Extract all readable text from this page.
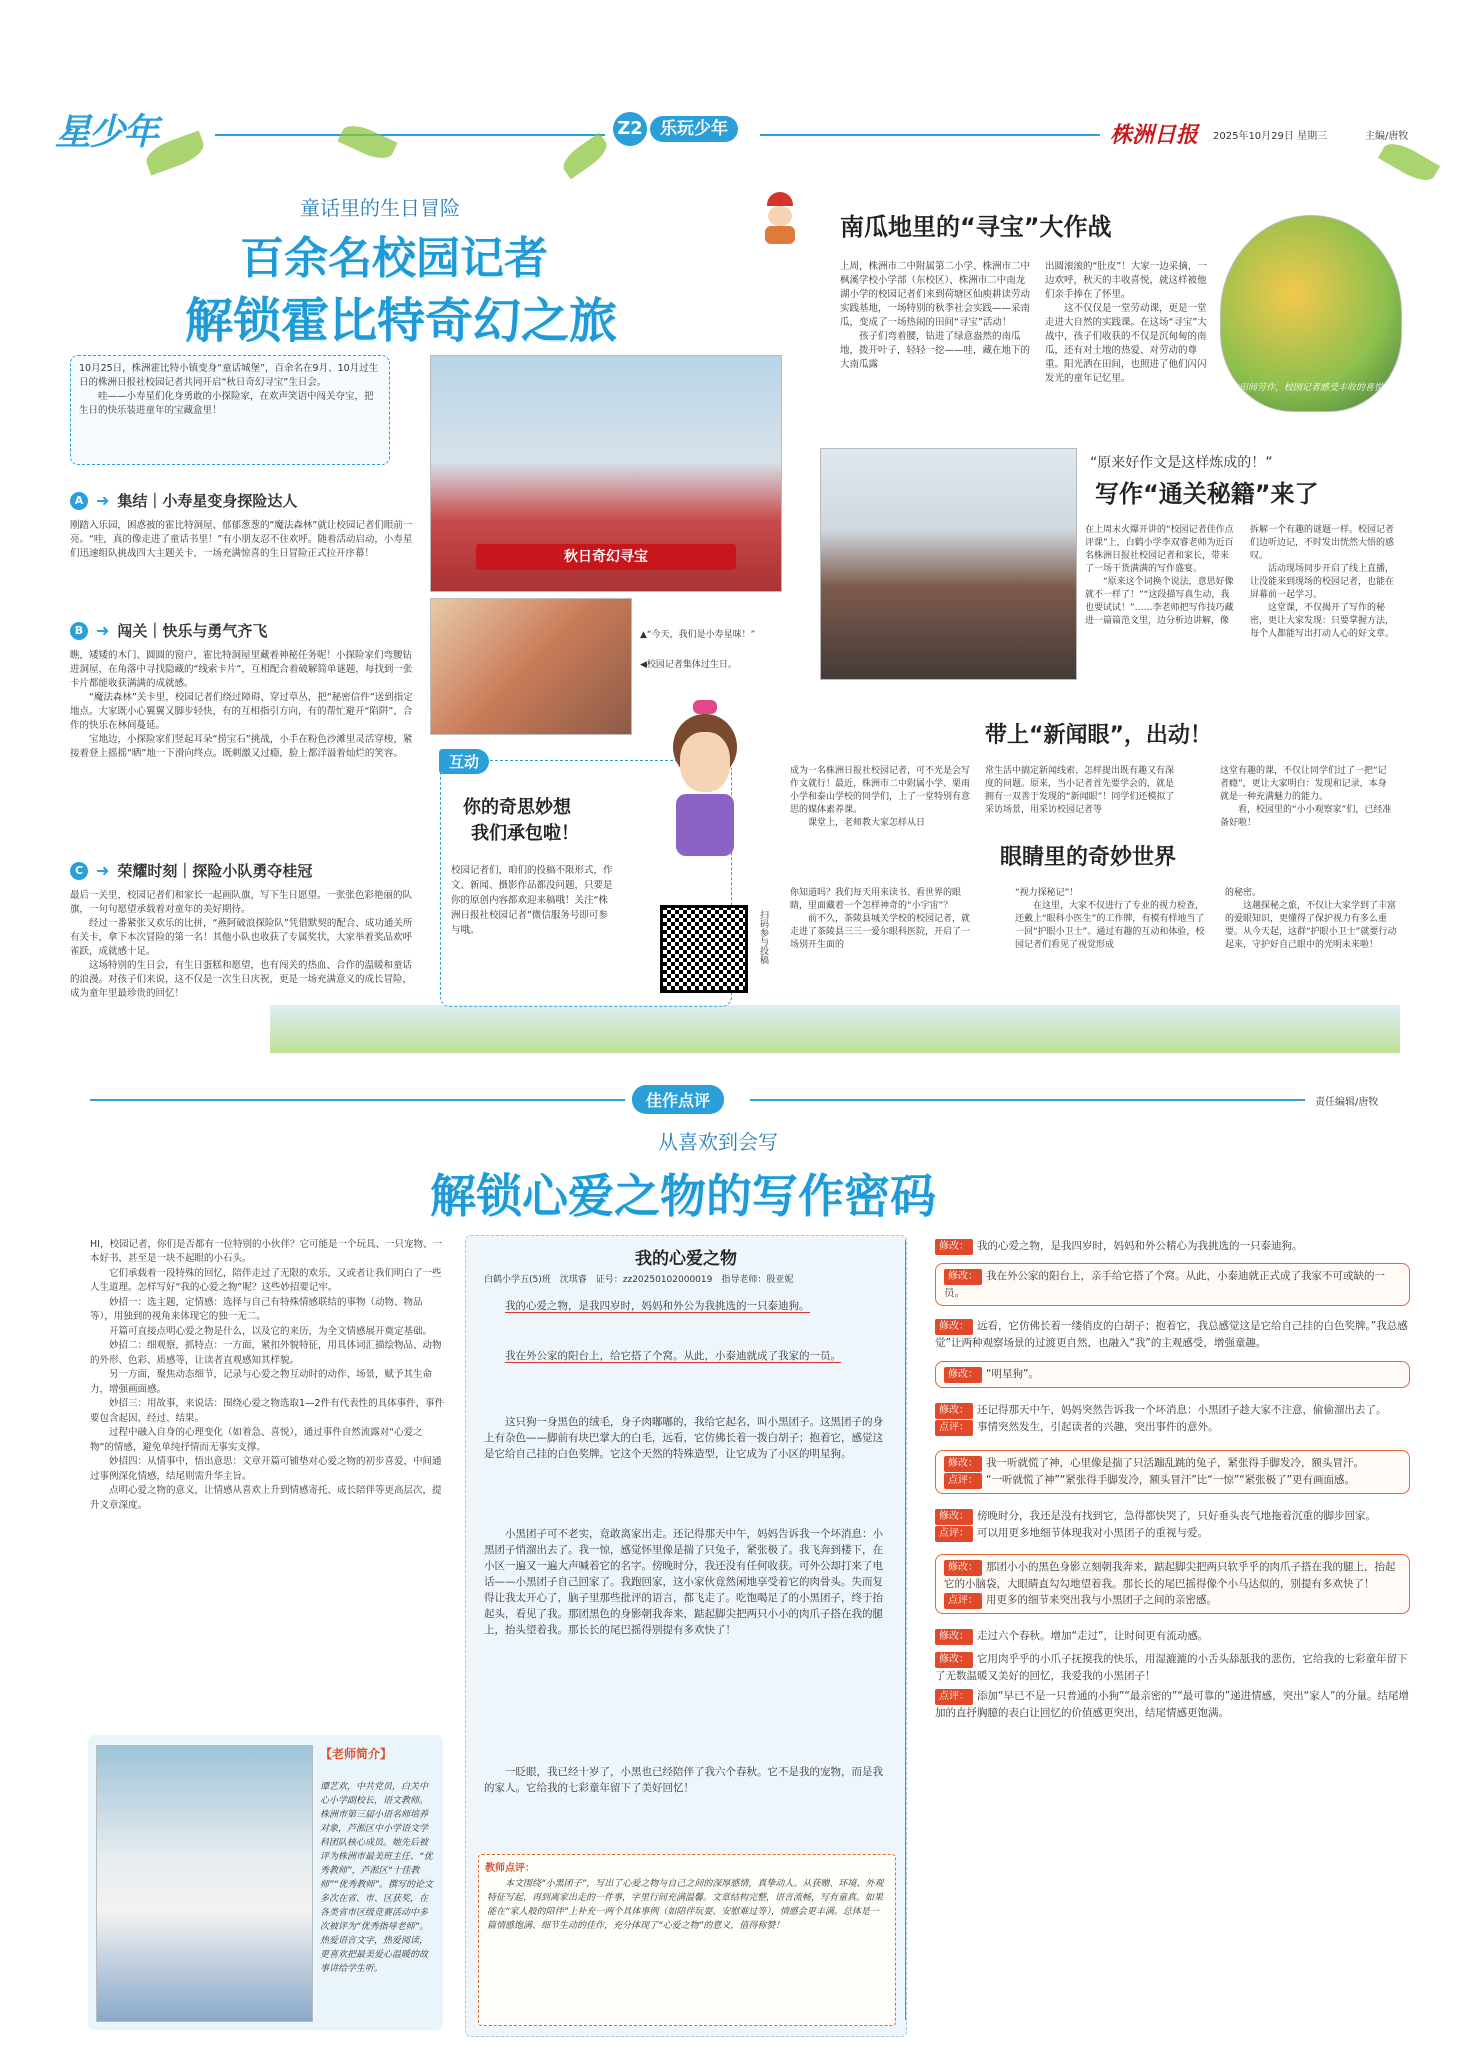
星少年	Z2	乐玩少年	株洲日报 2025年10月29日 星期三	主编/唐牧
童话里的生日冒险
百余名校园记者
解锁霍比特奇幻之旅

10月25日，株洲霍比特小镇变身“童话城堡”，百余名在9月、10月过生日的株洲日报社校园记者共同开启“秋日奇幻寻宝”生日会。
　　哇——小寿星们化身勇敢的小探险家，在欢声笑语中闯关夺宝，把生日的快乐装进童年的宝藏盒里！

秋日奇幻寻宝
▲“今天，我们是小寿星咪！”
◀校园记者集体过生日。
A ➜ 集结｜小寿星变身探险达人

刚踏入乐园，困惑被的霍比特洞屋、郁郁葱葱的“魔法森林”就让校园记者们眼前一亮。“哇，真的像走进了童话书里！”有小朋友忍不住欢呼。随着活动启动，小寿星们迅速组队挑战四大主题关卡，一场充满惊喜的生日冒险正式拉开序幕！

B ➜ 闯关｜快乐与勇气齐飞

瞧，矮矮的木门、圆圆的窗户，霍比特洞屋里藏着神秘任务呢！小探险家们弯腰钻进洞屋，在角落中寻找隐藏的“线索卡片”，互相配合着破解简单谜题，每找到一张卡片都能收获满满的成就感。
　　“魔法森林”关卡里，校园记者们绕过障碍、穿过草丛，把“秘密信件”送到指定地点。大家既小心翼翼又脚步轻快，有的互相指引方向，有的帮忙避开“陷阱”，合作的快乐在林间蔓延。
　　宝地边，小探险家们竖起耳朵“捞宝石”挑战，小手在粉色沙滩里灵活穿梭，紧接着登上摇摇“晒”地一下滑向终点。既刺激又过瘾，脸上都洋溢着灿烂的笑容。

C ➜ 荣耀时刻｜探险小队勇夺桂冠

最后一关里，校园记者们和家长一起画队旗，写下生日愿望。一张张色彩艳丽的队旗，一句句愿望承载着对童年的美好期待。
　　经过一番紧张又欢乐的比拼，“燕阿破浪探险队”凭借默契的配合、成功通关所有关卡，拿下本次冒险的第一名！其他小队也收获了专属奖状，大家举着奖品欢呼雀跃，成就感十足。
　　这场特别的生日会，有生日蛋糕和愿望，也有闯关的热血、合作的温暖和童话的浪漫。对孩子们来说，这不仅是一次生日庆祝，更是一场充满意义的成长冒险，成为童年里最珍贵的回忆！

南瓜地里的“寻宝”大作战

上周，株洲市二中附属第二小学、株洲市二中枫溪学校小学部（东校区）、株洲市二中南龙湖小学的校园记者们来到荷塘区仙庾耕读劳动实践基地，一场特别的秋季社会实践——采南瓜，变成了一场热闹的田间“寻宝”活动！
　　孩子们弯着腰，钻进了绿意盎然的南瓜地，拨开叶子，轻轻一挖——哇，藏在地下的大南瓜露

出圆滚滚的“肚皮”！大家一边采摘，一边欢呼，秋天的丰收喜悦，就这样被他们亲手捧在了怀里。
　　这不仅仅是一堂劳动课，更是一堂走进大自然的实践课。在这场“寻宝”大战中，孩子们收获的不仅是沉甸甸的南瓜，还有对土地的热爱、对劳动的尊重。阳光洒在田间，也照进了他们闪闪发光的童年记忆里。

在田间劳作，校园记者感受丰收的喜悦。
“原来好作文是这样炼成的！”
写作“通关秘籍”来了

在上周末火爆开讲的“校园记者佳作点评课”上，白鹤小学李双睿老师为近百名株洲日报社校园记者和家长，带来了一场干货满满的写作盛宴。
　　“原来这个词换个说法，意思好像就不一样了！”“这段描写真生动，我也要试试！”……李老师把写作技巧藏进一篇篇范文里，边分析边讲解，像

拆解一个有趣的谜题一样。校园记者们边听边记，不时发出恍然大悟的感叹。
　　活动现场同步开启了线上直播，让没能来到现场的校园记者，也能在屏幕前一起学习。
　　这堂课，不仅揭开了写作的秘密，更让大家发现：只要掌握方法，每个人都能写出打动人心的好文章。

互动
你的奇思妙想
我们承包啦！

校园记者们，咱们的投稿不限形式，作文、新闻、摄影作品都没问题，只要是你的原创内容都欢迎来稿哦！关注“株洲日报社校园记者”微信服务号即可参与哦。	扫码参与投稿
带上“新闻眼”，出动！

成为一名株洲日报社校园记者，可不光是会写作文就行！最近，株洲市二中附属小学、栗雨小学和泰山学校的同学们，上了一堂特别有意思的媒体素养课。
　　课堂上，老师教大家怎样从日

常生活中搞定新闻线索、怎样提出既有趣又有深度的问题。原来，当小记者首先要学会的，就是拥有一双善于发现的“新闻眼”！同学们还模拟了采访场景，用采访校园记者等

这堂有趣的课，不仅让同学们过了一把“记者瘾”，更让大家明白：发现和记录，本身就是一种充满魅力的能力。
　　看，校园里的“小小观察家”们，已经准备好啦！

眼睛里的奇妙世界

你知道吗？我们每天用来读书、看世界的眼睛，里面藏着一个怎样神奇的“小宇宙”？
　　前不久，茶陵县城关学校的校园记者，就走进了茶陵县三三一爱尔眼科医院，开启了一场别开生面的

“视力探秘记”！
　　在这里，大家不仅进行了专业的视力检查，还戴上“眼科小医生”的工作牌，有模有样地当了一回“护眼小卫士”。通过有趣的互动和体验，校园记者们看见了视觉形成

的秘密。
　　这趟探秘之旅，不仅让大家学到了丰富的爱眼知识，更懂得了保护视力有多么重要。从今天起，这群“护眼小卫士”就要行动起来，守护好自己眼中的光明未来啦！

佳作点评	责任编辑/唐牧
从喜欢到会写
解锁心爱之物的写作密码

HI，校园记者，你们是否都有一位特别的小伙伴？它可能是一个玩具、一只宠物、一本好书，甚至是一块不起眼的小石头。
　　它们承载着一段特殊的回忆，陪伴走过了无限的欢乐，又或者让我们明白了一些人生道理。怎样写好“我的心爱之物”呢？这些妙招要记牢。
　　妙招一：选主题，定情感：选择与自己有特殊情感联结的事物（动物、物品等），用独到的视角来体现它的独一无二。
　　开篇可直接点明心爱之物是什么，以及它的来历，为全文情感展开奠定基础。
　　妙招二：细观察，抓特点：一方面，紧扣外貌特征，用具体词汇描绘物品、动物的外形、色彩、质感等，让读者直观感知其样貌。
　　另一方面，聚焦动态细节，记录与心爱之物互动时的动作、场景，赋予其生命力，增强画面感。
　　妙招三：用故事，来说话：围绕心爱之物选取1—2件有代表性的具体事件，事件要包含起因、经过、结果。
　　过程中融入自身的心理变化（如着急、喜悦），通过事件自然流露对“心爱之物”的情感，避免单纯抒情而无事实支撑。
　　妙招四：从情事中，悟出意思：文章开篇可铺垫对心爱之物的初步喜爱，中间通过事例深化情感，结尾则需升华主旨。
　　点明心爱之物的意义，让情感从喜欢上升到情感寄托、成长陪伴等更高层次，提升文章深度。

【老师简介】

谭艺欢，中共党员，白关中心小学副校长，语文教师。株洲市第三届小语名师培养对象，芦淞区中小学语文学科团队核心成员。她先后被评为株洲市最美班主任、“优秀教师”，芦淞区“十佳教师”“优秀教师”。撰写的论文多次在省、市、区获奖，在各类省市区级竞赛活动中多次被评为“优秀指导老师”。热爱语言文字，热爱阅读，更喜欢把最美爱心温暖的故事讲给学生听。

我的心爱之物
白鹤小学五(5)班　沈琪睿　证号：zz20250102000019　指导老师：殷亚妮

我的心爱之物，是我四岁时，妈妈和外公为我挑选的一只泰迪狗。

我在外公家的阳台上，给它搭了个窝。从此，小泰迪就成了我家的一员。

这只狗一身黑色的绒毛，身子肉嘟嘟的，我给它起名，叫小黑团子。这黑团子的身上有杂色——脚前有块巴掌大的白毛，远看，它仿佛长着一拨白胡子；抱着它，感觉这是它给自己挂的白色奖牌。它这个天然的特殊造型，让它成为了小区的明星狗。

小黑团子可不老实，竟敢离家出走。还记得那天中午，妈妈告诉我一个坏消息：小黑团子悄溜出去了。我一惊，感觉怀里像是揣了只兔子，紧张极了。我飞奔到楼下，在小区一遍又一遍大声喊着它的名字。傍晚时分，我还没有任何收获。可外公却打来了电话——小黑团子自己回家了。我跑回家，这小家伙竟然闲地享受着它的肉骨头。失而复得让我太开心了，脑子里那些批评的语言，都飞走了。吃饱喝足了的小黑团子，终于抬起头，看见了我。那团黑色的身影朝我奔来，踮起脚尖把两只小小的肉爪子搭在我的腿上，抬头望着我。那长长的尾巴摇得别提有多欢快了！

一眨眼，我已经十岁了，小黑也已经陪伴了我六个春秋。它不是我的宠物，而是我的家人。它给我的七彩童年留下了美好回忆！

教师点评：

本文围绕“小黑团子”，写出了心爱之物与自己之间的深厚感情，真挚动人。从获赠、环境、外观特征写起，再到离家出走的一件事，字里行间充满温馨。文章结构完整，语言流畅，写有童真。如果能在“家人般的陪伴”上补充一两个具体事例（如陪伴玩耍、安慰难过等），情感会更丰满。总体是一篇情感饱满、细节生动的佳作，充分体现了“心爱之物”的意义，值得称赞！

修改： 我的心爱之物，是我四岁时，妈妈和外公精心为我挑选的一只泰迪狗。
修改： 我在外公家的阳台上，亲手给它搭了个窝。从此，小泰迪就正式成了我家不可或缺的一员。
修改： 远看，它仿佛长着一缕俏皮的白胡子；抱着它，我总感觉这是它给自己挂的白色奖牌。”我总感觉”让两种观察场景的过渡更自然，也融入“我”的主观感受，增强童趣。
修改： “明星狗”。
修改： 还记得那天中午，妈妈突然告诉我一个坏消息：小黑团子趁大家不注意，偷偷溜出去了。
点评： 事情突然发生，引起读者的兴趣，突出事件的意外。
修改： 我一听就慌了神，心里像是揣了只活蹦乱跳的兔子，紧张得手脚发冷，额头冒汗。
点评： “一听就慌了神”“紧张得手脚发冷，额头冒汗”比“一惊”“紧张极了”更有画面感。
修改： 傍晚时分，我还是没有找到它，急得都快哭了，只好垂头丧气地拖着沉重的脚步回家。
点评： 可以用更多地细节体现我对小黑团子的重视与爱。
修改： 那团小小的黑色身影立刻朝我奔来，踮起脚尖把两只软乎乎的肉爪子搭在我的腿上，抬起它的小脑袋，大眼睛直勾勾地望着我。那长长的尾巴摇得像个小马达似的，别提有多欢快了！
点评： 用更多的细节来突出我与小黑团子之间的亲密感。
修改： 走过六个春秋。增加“走过”，让时间更有流动感。
修改： 它用肉乎乎的小爪子抚摸我的快乐，用湿漉漉的小舌头舔舐我的悲伤，它给我的七彩童年留下了无数温暖又美好的回忆，我爱我的小黑团子！
点评： 添加“早已不是一只普通的小狗”“最亲密的”“最可靠的”递进情感，突出“家人”的分量。结尾增加的直抒胸臆的表白让回忆的价值感更突出，结尾情感更饱满。
